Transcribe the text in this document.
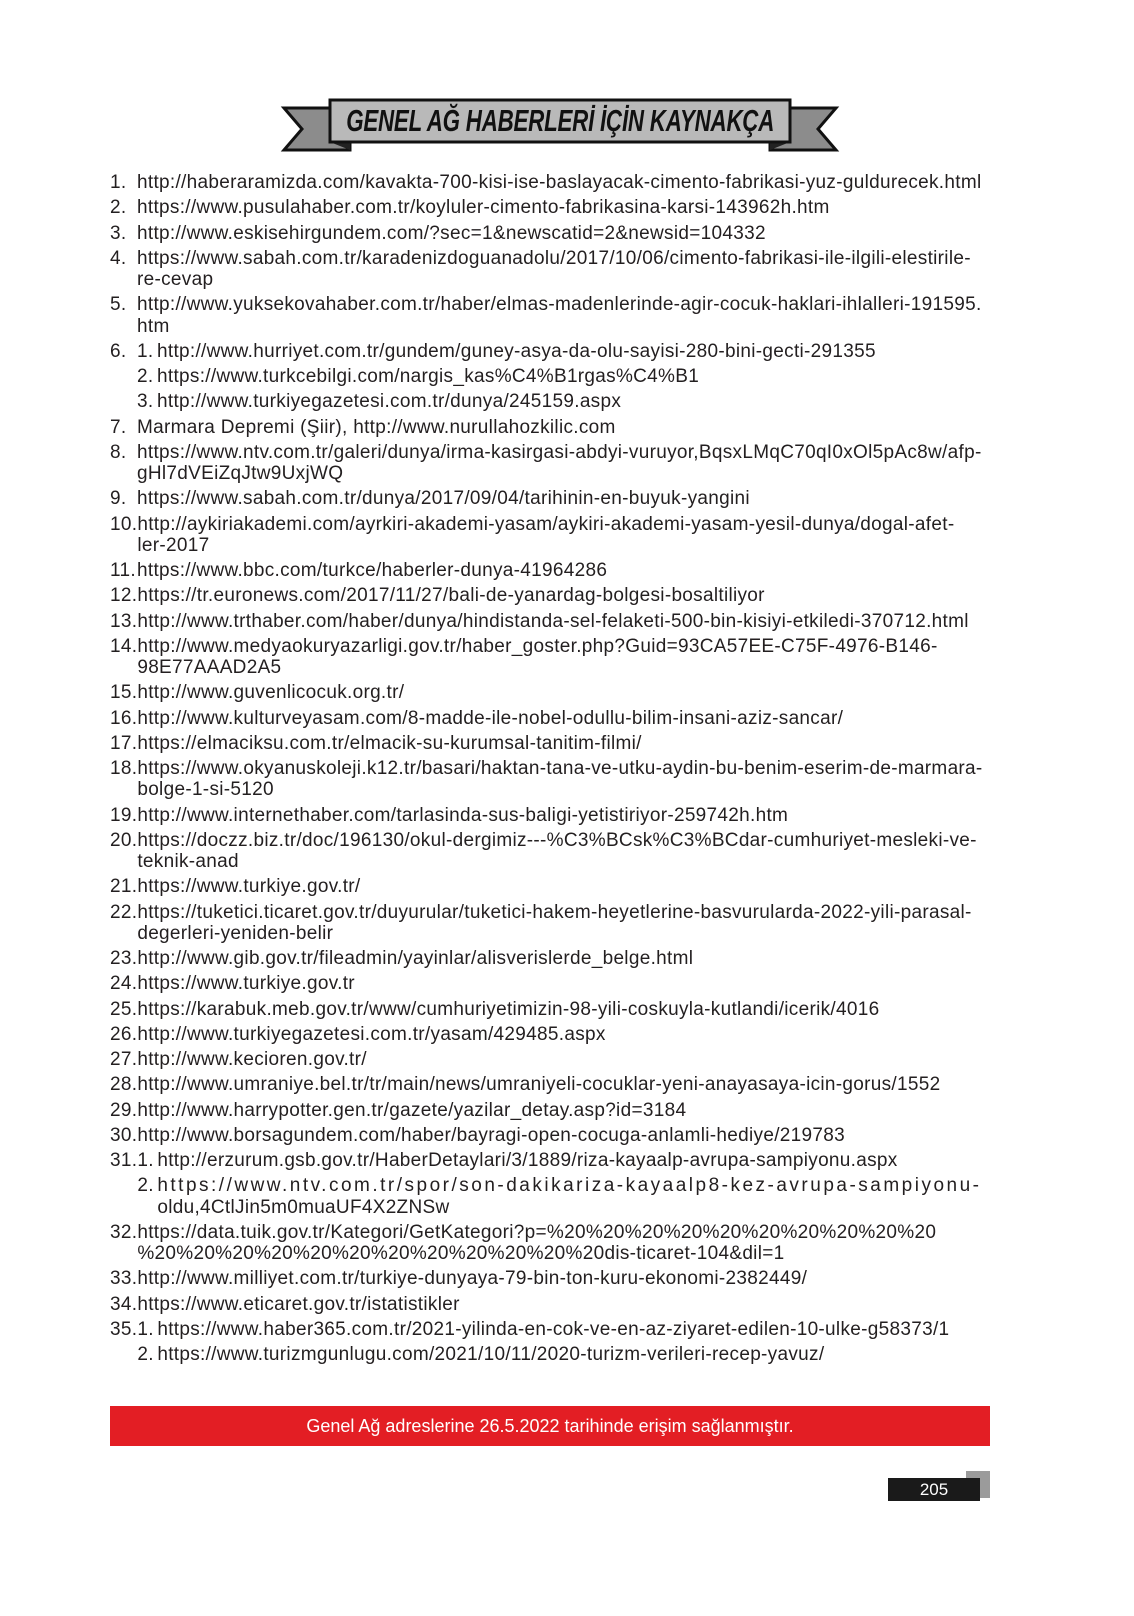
GENEL AĞ HABERLERİ İÇİN KAYNAKÇA
1. http://haberaramizda.com/kavakta-700-kisi-ise-baslayacak-cimento-fabrikasi-yuz-guldurecek.html
2. https://www.pusulahaber.com.tr/koyluler-cimento-fabrikasina-karsi-143962h.htm
3. http://www.eskisehirgundem.com/?sec=1&newscatid=2&newsid=104332
4. https://www.sabah.com.tr/karadenizdoguanadolu/2017/10/06/cimento-fabrikasi-ile-ilgili-elestirile-
re-cevap
5. http://www.yuksekovahaber.com.tr/haber/elmas-madenlerinde-agir-cocuk-haklari-ihlalleri-191595.
htm
6. 1. http://www.hurriyet.com.tr/gundem/guney-asya-da-olu-sayisi-280-bini-gecti-291355
2. https://www.turkcebilgi.com/nargis_kas%C4%B1rgas%C4%B1
3. http://www.turkiyegazetesi.com.tr/dunya/245159.aspx
7. Marmara Depremi (Şiir), http://www.nurullahozkilic.com
8. https://www.ntv.com.tr/galeri/dunya/irma-kasirgasi-abdyi-vuruyor,BqsxLMqC70qI0xOl5pAc8w/afp-
gHl7dVEiZqJtw9UxjWQ
9. https://www.sabah.com.tr/dunya/2017/09/04/tarihinin-en-buyuk-yangini
10. http://aykiriakademi.com/ayrkiri-akademi-yasam/aykiri-akademi-yasam-yesil-dunya/dogal-afet-
ler-2017
11. https://www.bbc.com/turkce/haberler-dunya-41964286
12. https://tr.euronews.com/2017/11/27/bali-de-yanardag-bolgesi-bosaltiliyor
13. http://www.trthaber.com/haber/dunya/hindistanda-sel-felaketi-500-bin-kisiyi-etkiledi-370712.html
14. http://www.medyaokuryazarligi.gov.tr/haber_goster.php?Guid=93CA57EE-C75F-4976-B146-
98E77AAAD2A5
15. http://www.guvenlicocuk.org.tr/
16. http://www.kulturveyasam.com/8-madde-ile-nobel-odullu-bilim-insani-aziz-sancar/
17. https://elmaciksu.com.tr/elmacik-su-kurumsal-tanitim-filmi/
18. https://www.okyanuskoleji.k12.tr/basari/haktan-tana-ve-utku-aydin-bu-benim-eserim-de-marmara-
bolge-1-si-5120
19. http://www.internethaber.com/tarlasinda-sus-baligi-yetistiriyor-259742h.htm
20. https://doczz.biz.tr/doc/196130/okul-dergimiz---%C3%BCsk%C3%BCdar-cumhuriyet-mesleki-ve-
teknik-anad
21. https://www.turkiye.gov.tr/
22. https://tuketici.ticaret.gov.tr/duyurular/tuketici-hakem-heyetlerine-basvurularda-2022-yili-parasal-
degerleri-yeniden-belir
23. http://www.gib.gov.tr/fileadmin/yayinlar/alisverislerde_belge.html
24. https://www.turkiye.gov.tr
25. https://karabuk.meb.gov.tr/www/cumhuriyetimizin-98-yili-coskuyla-kutlandi/icerik/4016
26. http://www.turkiyegazetesi.com.tr/yasam/429485.aspx
27. http://www.kecioren.gov.tr/
28. http://www.umraniye.bel.tr/tr/main/news/umraniyeli-cocuklar-yeni-anayasaya-icin-gorus/1552
29. http://www.harrypotter.gen.tr/gazete/yazilar_detay.asp?id=3184
30. http://www.borsagundem.com/haber/bayragi-open-cocuga-anlamli-hediye/219783
31. 1. http://erzurum.gsb.gov.tr/HaberDetaylari/3/1889/riza-kayaalp-avrupa-sampiyonu.aspx
2. https://www.ntv.com.tr/spor/son-dakikariza-kayaalp8-kez-avrupa-sampiyonu-
oldu,4CtlJin5m0muaUF4X2ZNSw
32. https://data.tuik.gov.tr/Kategori/GetKategori?p=%20%20%20%20%20%20%20%20%20%20
%20%20%20%20%20%20%20%20%20%20%20%20dis-ticaret-104&dil=1
33. http://www.milliyet.com.tr/turkiye-dunyaya-79-bin-ton-kuru-ekonomi-2382449/
34. https://www.eticaret.gov.tr/istatistikler
35. 1. https://www.haber365.com.tr/2021-yilinda-en-cok-ve-en-az-ziyaret-edilen-10-ulke-g58373/1
2. https://www.turizmgunlugu.com/2021/10/11/2020-turizm-verileri-recep-yavuz/
Genel Ağ adreslerine 26.5.2022 tarihinde erişim sağlanmıştır.
205
